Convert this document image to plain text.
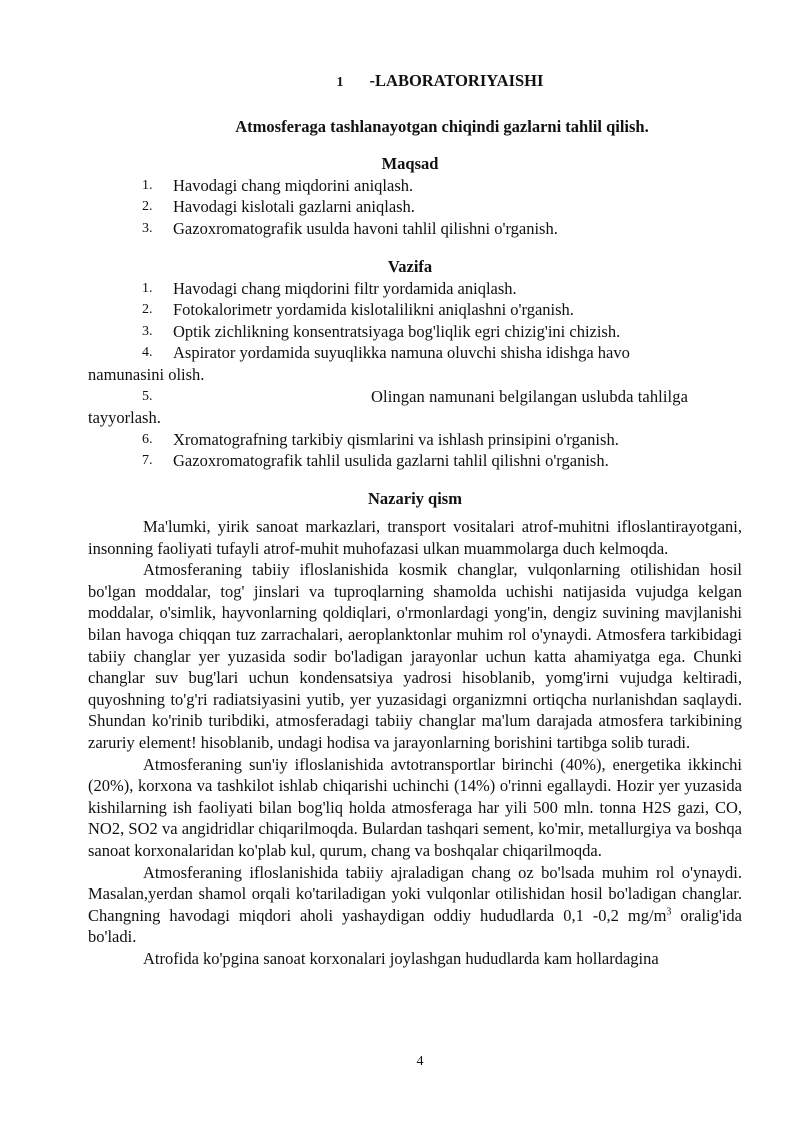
1 -LABORATORIYAISHI
Atmosferaga tashlanayotgan chiqindi gazlarni tahlil qilish.
Maqsad
1. Havodagi chang miqdorini aniqlash.
2. Havodagi kislotali gazlarni aniqlash.
3. Gazoxromatografik usulda havoni tahlil qilishni o'rganish.
Vazifa
1. Havodagi chang miqdorini filtr yordamida aniqlash.
2. Fotokalorimetr yordamida kislotalilikni aniqlashni o'rganish.
3. Optik zichlikning konsentratsiyaga bog'liqlik egri chizig'ini chizish.
4. Aspirator yordamida suyuqlikka namuna oluvchi shisha idishga havo
namunasini olish.
5.	Olingan namunani belgilangan uslubda tahlilga
tayyorlash.
6. Xromatografning tarkibiy qismlarini va ishlash prinsipini o'rganish.
7. Gazoxromatografik tahlil usulida gazlarni tahlil qilishni o'rganish.
Nazariy qism

Ma'lumki, yirik sanoat markazlari, transport vositalari atrof-muhitni ifloslantirayotgani, insonning faoliyati tufayli atrof-muhit muhofazasi ulkan muammolarga duch kelmoqda.

Atmosferaning tabiiy ifloslanishida kosmik changlar, vulqonlarning otilishidan hosil bo'lgan moddalar, tog' jinslari va tuproqlarning shamolda uchishi natijasida vujudga kelgan moddalar, o'simlik, hayvonlarning qoldiqlari, o'rmonlardagi yong'in, dengiz suvining mavjlanishi bilan havoga chiqqan tuz zarrachalari, aeroplanktonlar muhim rol o'ynaydi. Atmosfera tarkibidagi tabiiy changlar yer yuzasida sodir bo'ladigan jarayonlar uchun katta ahamiyatga ega. Chunki changlar suv bug'lari uchun kondensatsiya yadrosi hisoblanib, yomg'irni vujudga keltiradi, quyoshning to'g'ri radiatsiyasini yutib, yer yuzasidagi organizmni ortiqcha nurlanishdan saqlaydi. Shundan ko'rinib turibdiki, atmosferadagi tabiiy changlar ma'lum darajada atmosfera tarkibining zaruriy element! hisoblanib, undagi hodisa va jarayonlarning borishini tartibga solib turadi.

Atmosferaning sun'iy ifloslanishida avtotransportlar birinchi (40%), energetika ikkinchi (20%), korxona va tashkilot ishlab chiqarishi uchinchi (14%) o'rinni egallaydi. Hozir yer yuzasida kishilarning ish faoliyati bilan bog'liq holda atmosferaga har yili 500 mln. tonna H2S gazi, CO, NO2, SO2 va angidridlar chiqarilmoqda. Bulardan tashqari sement, ko'mir, metallurgiya va boshqa sanoat korxonalaridan ko'plab kul, qurum, chang va boshqalar chiqarilmoqda.

Atmosferaning ifloslanishida tabiiy ajraladigan chang oz bo'lsada muhim rol o'ynaydi. Masalan,yerdan shamol orqali ko'tariladigan yoki vulqonlar otilishidan hosil bo'ladigan changlar. Changning havodagi miqdori aholi yashaydigan oddiy hududlarda 0,1 -0,2 $mg/m^3$ oralig'ida bo'ladi.

Atrofida ko'pgina sanoat korxonalari joylashgan hududlarda kam hollardagina

4
